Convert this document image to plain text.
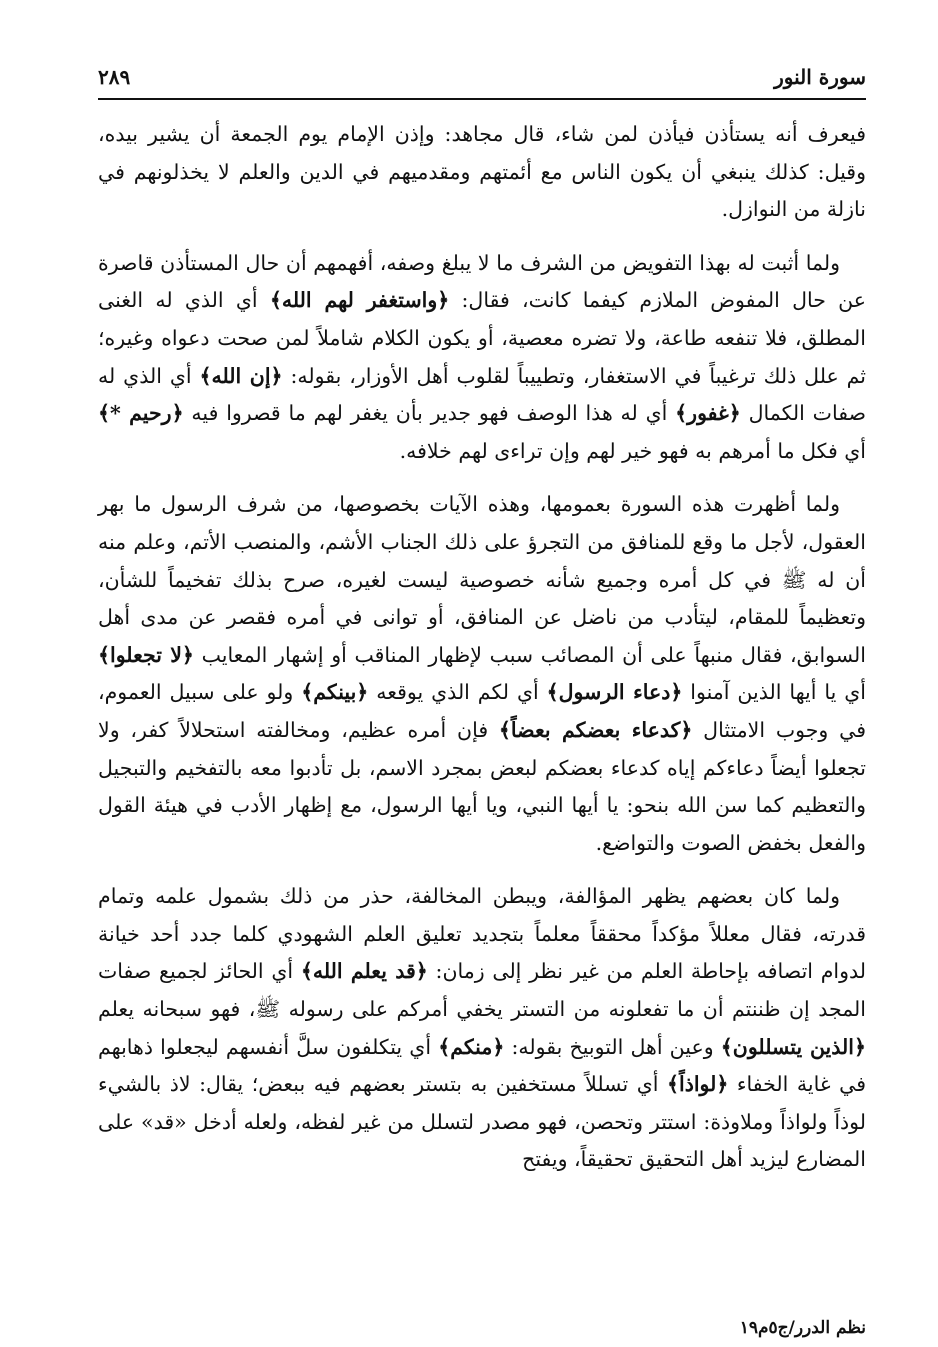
سورة النور
٢٨٩

فيعرف أنه يستأذن فيأذن لمن شاء، قال مجاهد: وإذن الإمام يوم الجمعة أن يشير بيده، وقيل: كذلك ينبغي أن يكون الناس مع أئمتهم ومقدميهم في الدين والعلم لا يخذلونهم في نازلة من النوازل.

ولما أثبت له بهذا التفويض من الشرف ما لا يبلغ وصفه، أفهمهم أن حال المستأذن قاصرة عن حال المفوض الملازم كيفما كانت، فقال: ﴿واستغفر لهم الله﴾ أي الذي له الغنى المطلق، فلا تنفعه طاعة، ولا تضره معصية، أو يكون الكلام شاملاً لمن صحت دعواه وغيره؛ ثم علل ذلك ترغيباً في الاستغفار، وتطييباً لقلوب أهل الأوزار، بقوله: ﴿إن الله﴾ أي الذي له صفات الكمال ﴿غفور﴾ أي له هذا الوصف فهو جدير بأن يغفر لهم ما قصروا فيه ﴿رحيم *﴾ أي فكل ما أمرهم به فهو خير لهم وإن تراءى لهم خلافه.

ولما أظهرت هذه السورة بعمومها، وهذه الآيات بخصوصها، من شرف الرسول ما بهر العقول، لأجل ما وقع للمنافق من التجرؤ على ذلك الجناب الأشم، والمنصب الأتم، وعلم منه أن له ﷺ في كل أمره وجميع شأنه خصوصية ليست لغيره، صرح بذلك تفخيماً للشأن، وتعظيماً للمقام، ليتأدب من ناضل عن المنافق، أو توانى في أمره فقصر عن مدى أهل السوابق، فقال منبهاً على أن المصائب سبب لإظهار المناقب أو إشهار المعايب ﴿لا تجعلوا﴾ أي يا أيها الذين آمنوا ﴿دعاء الرسول﴾ أي لكم الذي يوقعه ﴿بينكم﴾ ولو على سبيل العموم، في وجوب الامتثال ﴿كدعاء بعضكم بعضاً﴾ فإن أمره عظيم، ومخالفته استحلالاً كفر، ولا تجعلوا أيضاً دعاءكم إياه كدعاء بعضكم لبعض بمجرد الاسم، بل تأدبوا معه بالتفخيم والتبجيل والتعظيم كما سن الله بنحو: يا أيها النبي، ويا أيها الرسول، مع إظهار الأدب في هيئة القول والفعل بخفض الصوت والتواضع.

ولما كان بعضهم يظهر المؤالفة، ويبطن المخالفة، حذر من ذلك بشمول علمه وتمام قدرته، فقال معللاً مؤكداً محققاً معلماً بتجديد تعليق العلم الشهودي كلما جدد أحد خيانة لدوام اتصافه بإحاطة العلم من غير نظر إلى زمان: ﴿قد يعلم الله﴾ أي الحائز لجميع صفات المجد إن ظننتم أن ما تفعلونه من التستر يخفي أمركم على رسوله ﷺ، فهو سبحانه يعلم ﴿الذين يتسللون﴾ وعين أهل التوبيخ بقوله: ﴿منكم﴾ أي يتكلفون سلَّ أنفسهم ليجعلوا ذهابهم في غاية الخفاء ﴿لواذاً﴾ أي تسللاً مستخفين به بتستر بعضهم فيه ببعض؛ يقال: لاذ بالشيء لوذاً ولواذاً وملاوذة: استتر وتحصن، فهو مصدر لتسلل من غير لفظه، ولعله أدخل «قد» على المضارع ليزيد أهل التحقيق تحقيقاً، ويفتح

نظم الدرر/ج٥م١٩
